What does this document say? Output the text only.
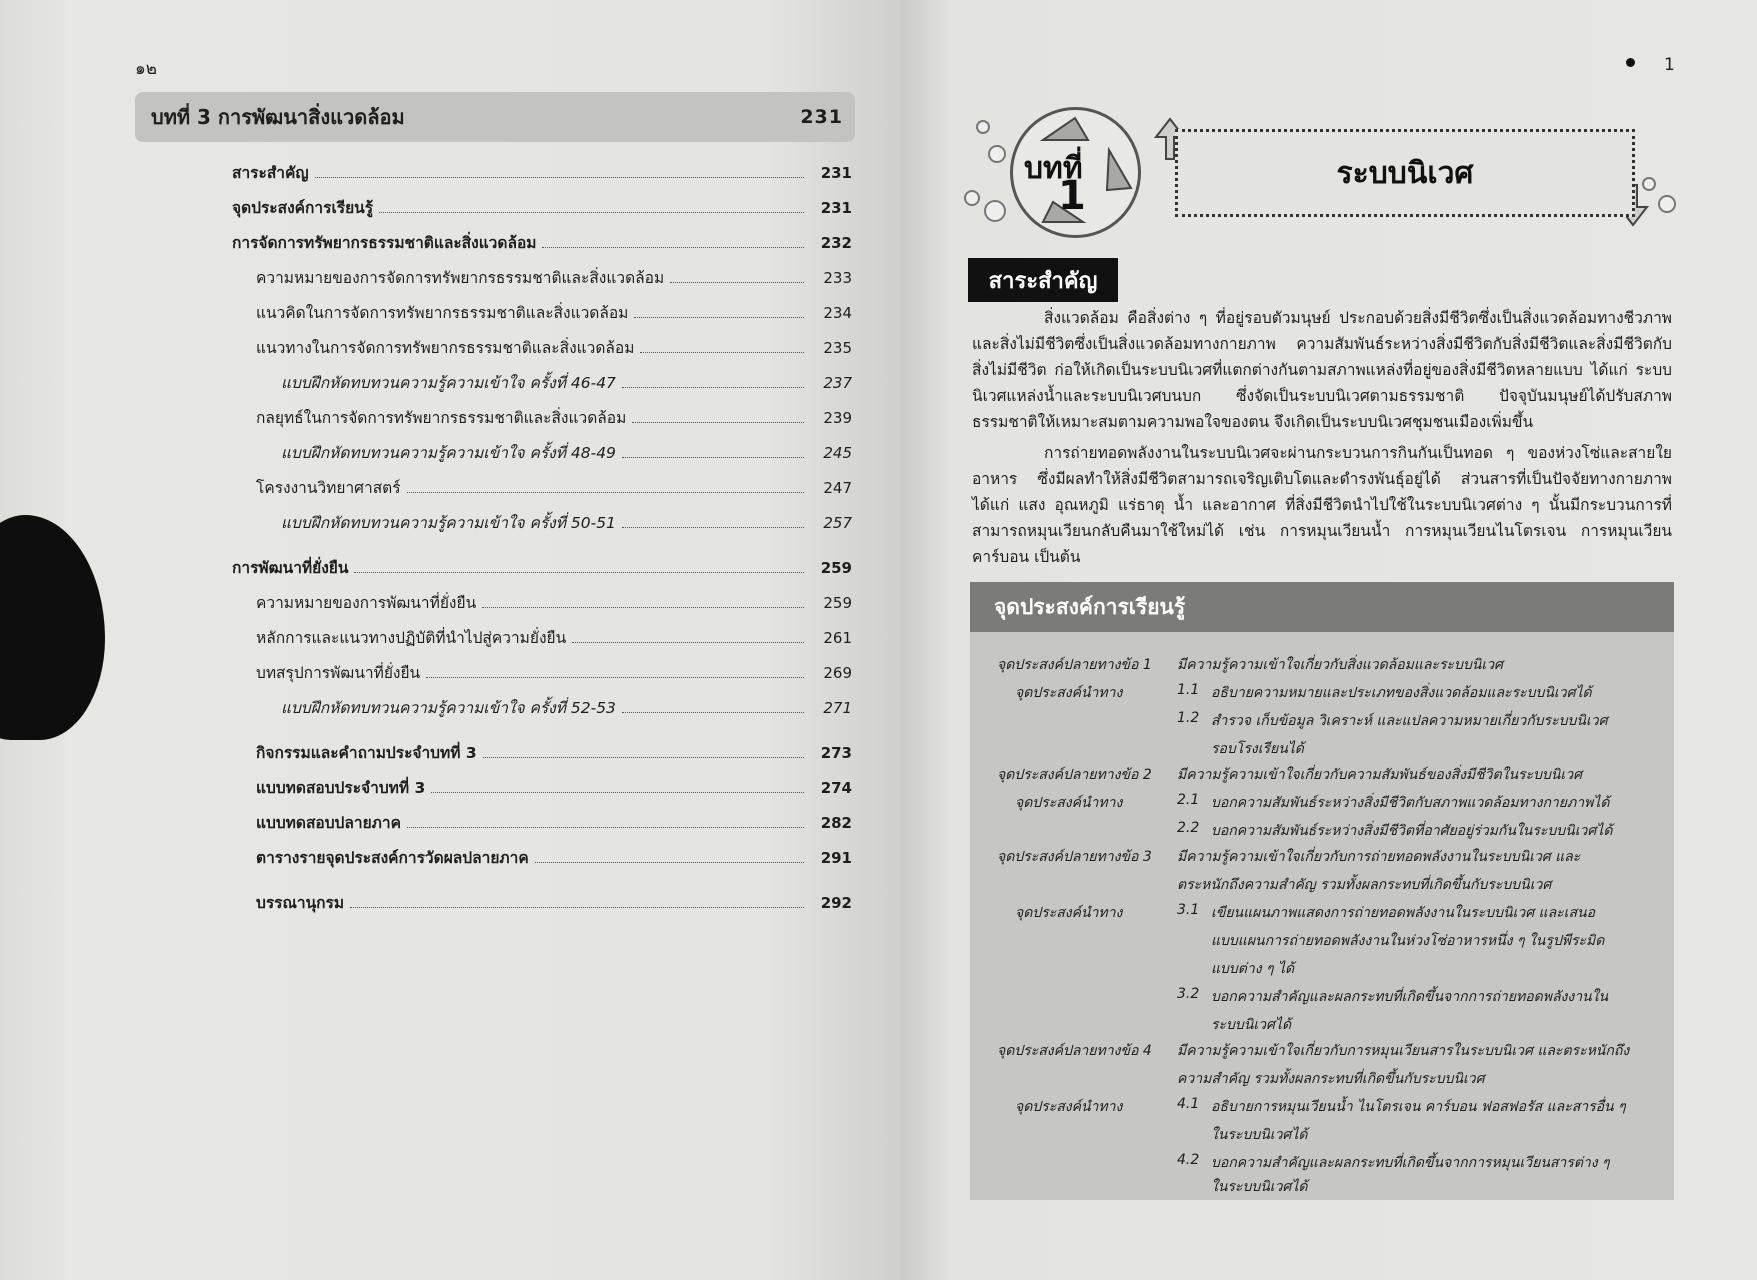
๑๒
บทที่ 3 การพัฒนาสิ่งแวดล้อม	231
สาระสำคัญ	231
จุดประสงค์การเรียนรู้	231
การจัดการทรัพยากรธรรมชาติและสิ่งแวดล้อม	232
ความหมายของการจัดการทรัพยากรธรรมชาติและสิ่งแวดล้อม	233
แนวคิดในการจัดการทรัพยากรธรรมชาติและสิ่งแวดล้อม	234
แนวทางในการจัดการทรัพยากรธรรมชาติและสิ่งแวดล้อม	235
แบบฝึกหัดทบทวนความรู้ความเข้าใจ ครั้งที่ 46-47	237
กลยุทธ์ในการจัดการทรัพยากรธรรมชาติและสิ่งแวดล้อม	239
แบบฝึกหัดทบทวนความรู้ความเข้าใจ ครั้งที่ 48-49	245
โครงงานวิทยาศาสตร์	247
แบบฝึกหัดทบทวนความรู้ความเข้าใจ ครั้งที่ 50-51	257
การพัฒนาที่ยั่งยืน	259
ความหมายของการพัฒนาที่ยั่งยืน	259
หลักการและแนวทางปฏิบัติที่นำไปสู่ความยั่งยืน	261
บทสรุปการพัฒนาที่ยั่งยืน	269
แบบฝึกหัดทบทวนความรู้ความเข้าใจ ครั้งที่ 52-53	271
กิจกรรมและคำถามประจำบทที่ 3	273
แบบทดสอบประจำบทที่ 3	274
แบบทดสอบปลายภาค	282
ตารางรายจุดประสงค์การวัดผลปลายภาค	291
บรรณานุกรม	292
1
บทที่
1	ระบบนิเวศ
สาระสำคัญ

สิ่งแวดล้อม คือสิ่งต่าง ๆ ที่อยู่รอบตัวมนุษย์ ประกอบด้วยสิ่งมีชีวิตซึ่งเป็นสิ่งแวดล้อมทางชีวภาพและสิ่งไม่มีชีวิตซึ่งเป็นสิ่งแวดล้อมทางกายภาพ ความสัมพันธ์ระหว่างสิ่งมีชีวิตกับสิ่งมีชีวิตและสิ่งมีชีวิตกับสิ่งไม่มีชีวิต ก่อให้เกิดเป็นระบบนิเวศที่แตกต่างกันตามสภาพแหล่งที่อยู่ของสิ่งมีชีวิตหลายแบบ ได้แก่ ระบบนิเวศแหล่งน้ำและระบบนิเวศบนบก ซึ่งจัดเป็นระบบนิเวศตามธรรมชาติ ปัจจุบันมนุษย์ได้ปรับสภาพธรรมชาติให้เหมาะสมตามความพอใจของตน จึงเกิดเป็นระบบนิเวศชุมชนเมืองเพิ่มขึ้น

การถ่ายทอดพลังงานในระบบนิเวศจะผ่านกระบวนการกินกันเป็นทอด ๆ ของห่วงโซ่และสายใยอาหาร ซึ่งมีผลทำให้สิ่งมีชีวิตสามารถเจริญเติบโตและดำรงพันธุ์อยู่ได้ ส่วนสารที่เป็นปัจจัยทางกายภาพ ได้แก่ แสง อุณหภูมิ แร่ธาตุ น้ำ และอากาศ ที่สิ่งมีชีวิตนำไปใช้ในระบบนิเวศต่าง ๆ นั้นมีกระบวนการที่สามารถหมุนเวียนกลับคืนมาใช้ใหม่ได้ เช่น การหมุนเวียนน้ำ การหมุนเวียนไนโตรเจน การหมุนเวียนคาร์บอน เป็นต้น

จุดประสงค์การเรียนรู้
จุดประสงค์ปลายทางข้อ 1 มีความรู้ความเข้าใจเกี่ยวกับสิ่งแวดล้อมและระบบนิเวศ
จุดประสงค์นำทาง	1.1 อธิบายความหมายและประเภทของสิ่งแวดล้อมและระบบนิเวศได้
1.2 สำรวจ เก็บข้อมูล วิเคราะห์ และแปลความหมายเกี่ยวกับระบบนิเวศ
รอบโรงเรียนได้
จุดประสงค์ปลายทางข้อ 2 มีความรู้ความเข้าใจเกี่ยวกับความสัมพันธ์ของสิ่งมีชีวิตในระบบนิเวศ
จุดประสงค์นำทาง	2.1 บอกความสัมพันธ์ระหว่างสิ่งมีชีวิตกับสภาพแวดล้อมทางกายภาพได้
2.2 บอกความสัมพันธ์ระหว่างสิ่งมีชีวิตที่อาศัยอยู่ร่วมกันในระบบนิเวศได้
จุดประสงค์ปลายทางข้อ 3 มีความรู้ความเข้าใจเกี่ยวกับการถ่ายทอดพลังงานในระบบนิเวศ และ
ตระหนักถึงความสำคัญ รวมทั้งผลกระทบที่เกิดขึ้นกับระบบนิเวศ
จุดประสงค์นำทาง	3.1 เขียนแผนภาพแสดงการถ่ายทอดพลังงานในระบบนิเวศ และเสนอ
แบบแผนการถ่ายทอดพลังงานในห่วงโซ่อาหารหนึ่ง ๆ ในรูปพีระมิด
แบบต่าง ๆ ได้
3.2 บอกความสำคัญและผลกระทบที่เกิดขึ้นจากการถ่ายทอดพลังงานใน
ระบบนิเวศได้
จุดประสงค์ปลายทางข้อ 4 มีความรู้ความเข้าใจเกี่ยวกับการหมุนเวียนสารในระบบนิเวศ และตระหนักถึง
ความสำคัญ รวมทั้งผลกระทบที่เกิดขึ้นกับระบบนิเวศ
จุดประสงค์นำทาง	4.1 อธิบายการหมุนเวียนน้ำ ไนโตรเจน คาร์บอน ฟอสฟอรัส และสารอื่น ๆ
ในระบบนิเวศได้
4.2 บอกความสำคัญและผลกระทบที่เกิดขึ้นจากการหมุนเวียนสารต่าง ๆ
ในระบบนิเวศได้
